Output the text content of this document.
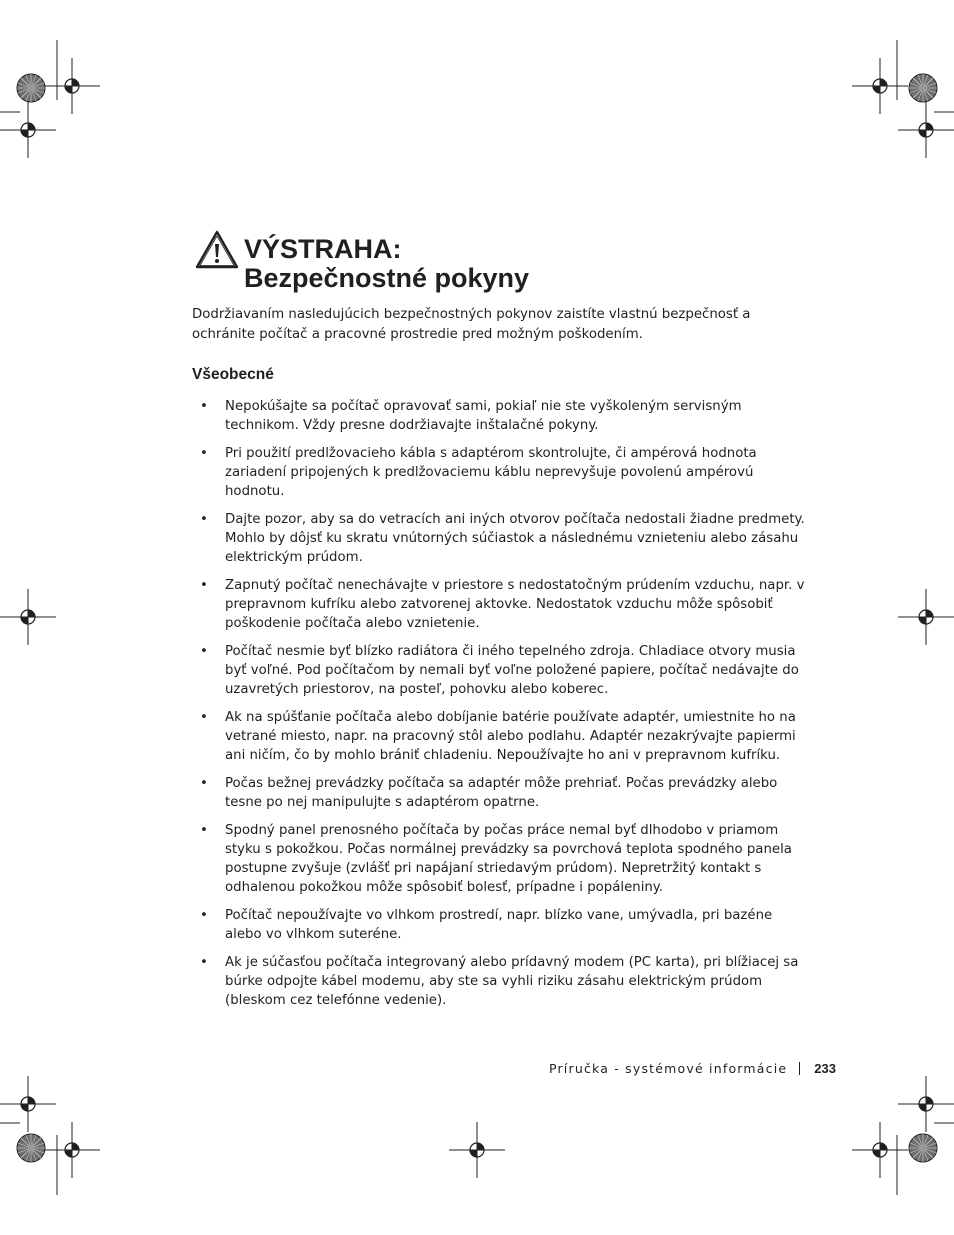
VÝSTRAHA:
Bezpečnostné pokyny

Dodržiavaním nasledujúcich bezpečnostných pokynov zaistíte vlastnú bezpečnosť a ochránite počítač a pracovné prostredie pred možným poškodením.

Všeobecné
• Nepokúšajte sa počítač opravovať sami, pokiaľ nie ste vyškoleným servisným technikom. Vždy presne dodržiavajte inštalačné pokyny.
• Pri použití predlžovacieho kábla s adaptérom skontrolujte, či ampérová hodnota zariadení pripojených k predlžovaciemu káblu neprevyšuje povolenú ampérovú hodnotu.
• Dajte pozor, aby sa do vetracích ani iných otvorov počítača nedostali žiadne predmety. Mohlo by dôjsť ku skratu vnútorných súčiastok a následnému vznieteniu alebo zásahu elektrickým prúdom.
• Zapnutý počítač nenechávajte v priestore s nedostatočným prúdením vzduchu, napr. v prepravnom kufríku alebo zatvorenej aktovke. Nedostatok vzduchu môže spôsobiť poškodenie počítača alebo vznietenie.
• Počítač nesmie byť blízko radiátora či iného tepelného zdroja. Chladiace otvory musia byť voľné. Pod počítačom by nemali byť voľne položené papiere, počítač nedávajte do uzavretých priestorov, na posteľ, pohovku alebo koberec.
• Ak na spúšťanie počítača alebo dobíjanie batérie používate adaptér, umiestnite ho na vetrané miesto, napr. na pracovný stôl alebo podlahu. Adaptér nezakrývajte papiermi ani ničím, čo by mohlo brániť chladeniu. Nepoužívajte ho ani v prepravnom kufríku.
• Počas bežnej prevádzky počítača sa adaptér môže prehriať. Počas prevádzky alebo tesne po nej manipulujte s adaptérom opatrne.
• Spodný panel prenosného počítača by počas práce nemal byť dlhodobo v priamom styku s pokožkou. Počas normálnej prevádzky sa povrchová teplota spodného panela postupne zvyšuje (zvlášť pri napájaní striedavým prúdom). Nepretržitý kontakt s odhalenou pokožkou môže spôsobiť bolesť, prípadne i popáleniny.
• Počítač nepoužívajte vo vlhkom prostredí, napr. blízko vane, umývadla, pri bazéne alebo vo vlhkom suteréne.
• Ak je súčasťou počítača integrovaný alebo prídavný modem (PC karta), pri blížiacej sa búrke odpojte kábel modemu, aby ste sa vyhli riziku zásahu elektrickým prúdom (bleskom cez telefónne vedenie).
Príručka - systémové informácie 233
